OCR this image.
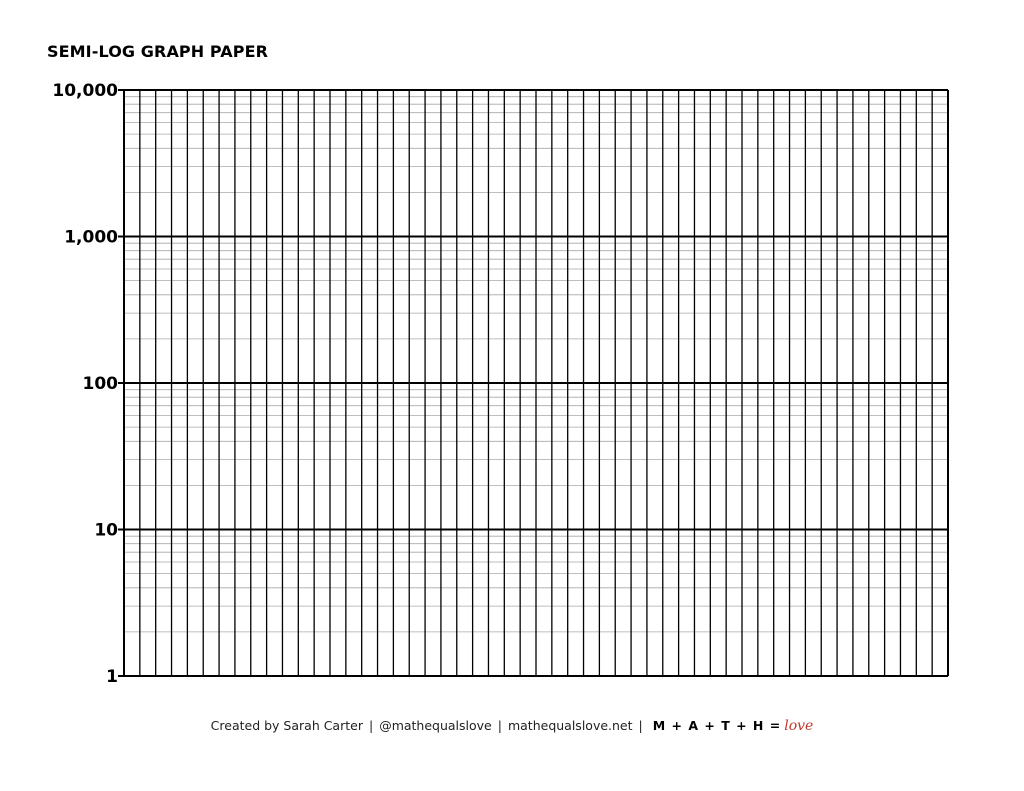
SEMI-LOG GRAPH PAPER
1
10
100
1,000
10,000
Created by Sarah Carter | @mathequalslove | mathequalslove.net | M + A + T + H = love
